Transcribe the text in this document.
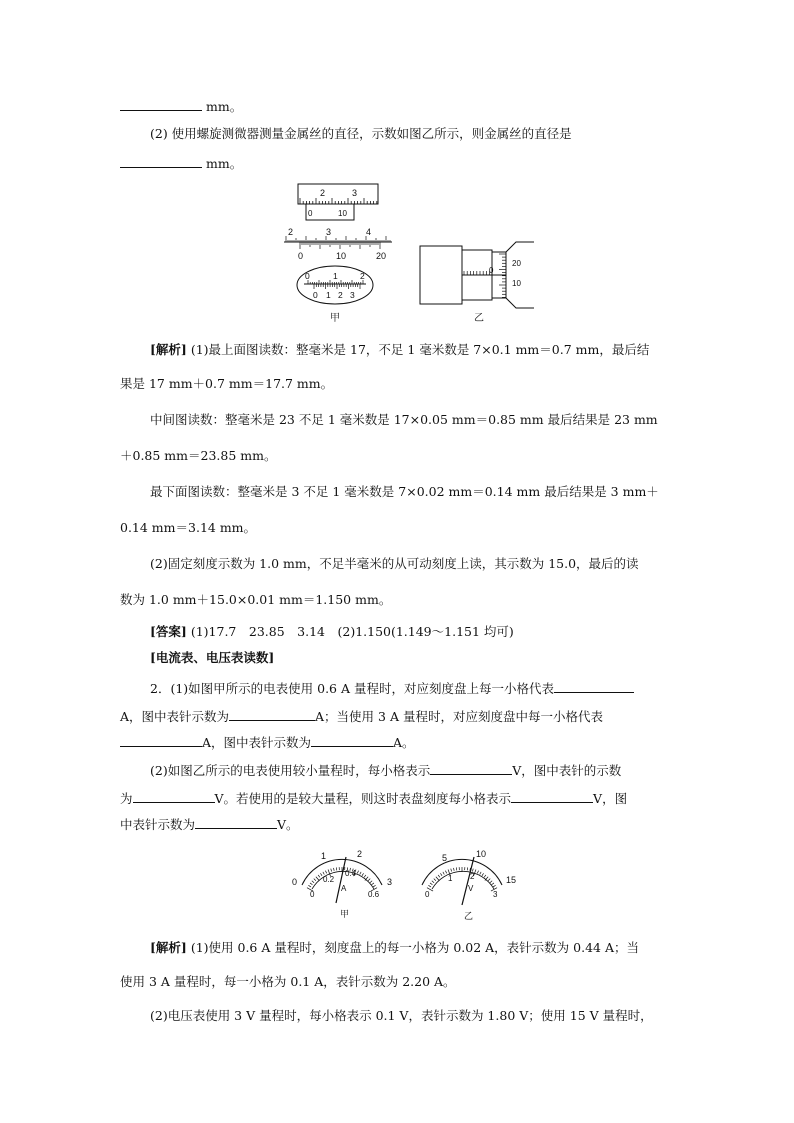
mm。
(2) 使用螺旋测微器测量金属丝的直径，示数如图乙所示，则金属丝的直径是
mm。
2	3
0	10
2	3	4
0	10	20
0	1	2
0 1 2 3
甲
0
20
10
乙
[解析] (1)最上面图读数：整毫米是 17，不足 1 毫米数是 7×0.1 mm＝0.7 mm，最后结
果是 17 mm＋0.7 mm＝17.7 mm。
中间图读数：整毫米是 23 不足 1 毫米数是 17×0.05 mm＝0.85 mm 最后结果是 23 mm
＋0.85 mm＝23.85 mm。
最下面图读数：整毫米是 3 不足 1 毫米数是 7×0.02 mm＝0.14 mm 最后结果是 3 mm＋
0.14 mm＝3.14 mm。
(2)固定刻度示数为 1.0 mm，不足半毫米的从可动刻度上读，其示数为 15.0，最后的读
数为 1.0 mm＋15.0×0.01 mm＝1.150 mm。
[答案] (1)17.7　23.85　3.14　(2)1.150(1.149～1.151 均可)
[电流表、电压表读数]
2．(1)如图甲所示的电表使用 0.6 A 量程时，对应刻度盘上每一小格代表
A，图中表针示数为	A；当使用 3 A 量程时，对应刻度盘中每一小格代表
A，图中表针示数为	A。
(2)如图乙所示的电表使用较小量程时，每小格表示	V，图中表针的示数
为	V。若使用的是较大量程，则这时表盘刻度每小格表示	V，图
中表针示数为	V。
0
1	2
3
0
0.2
0.4
0.6
A
甲
5	10
15
0
1 2
3
V
乙
[解析] (1)使用 0.6 A 量程时，刻度盘上的每一小格为 0.02 A，表针示数为 0.44 A；当
使用 3 A 量程时，每一小格为 0.1 A，表针示数为 2.20 A。
(2)电压表使用 3 V 量程时，每小格表示 0.1 V，表针示数为 1.80 V；使用 15 V 量程时，
